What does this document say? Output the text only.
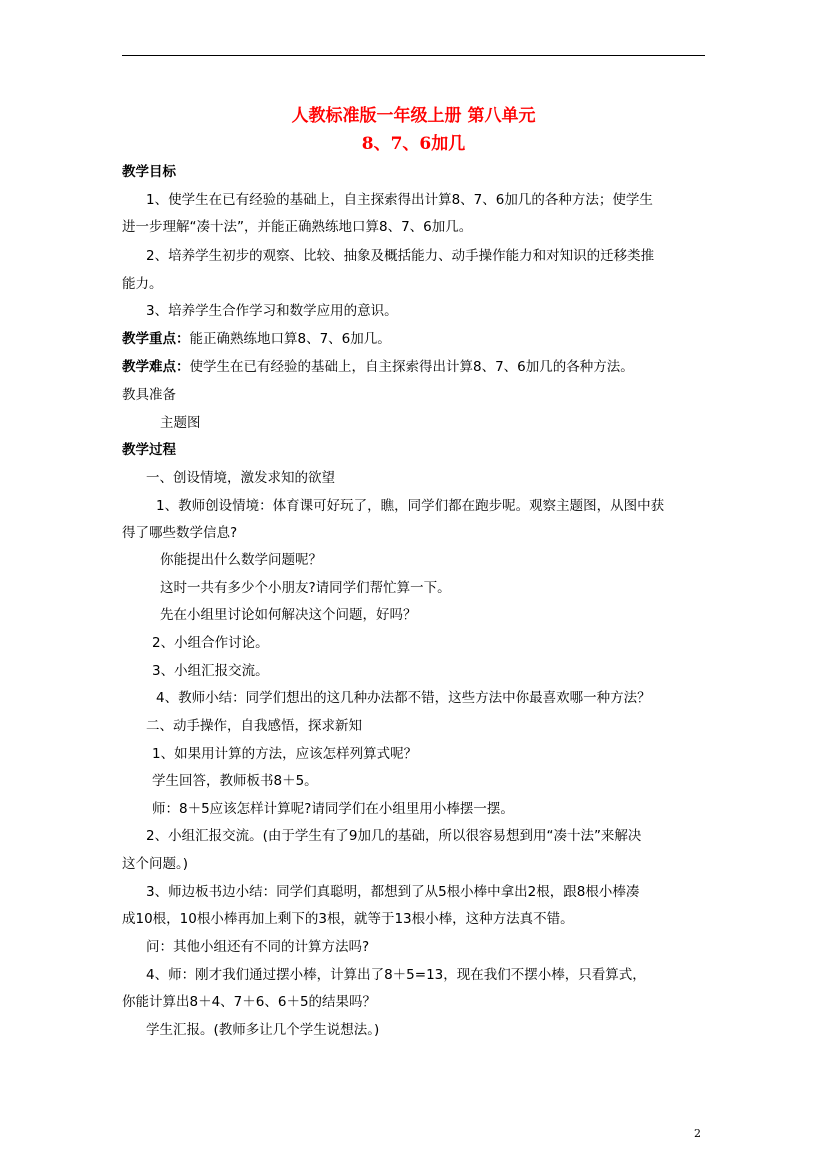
人教标准版一年级上册 第八单元
8、7、6加几
教学目标
1、使学生在已有经验的基础上，自主探索得出计算8、7、6加几的各种方法；使学生
进一步理解“凑十法”，并能正确熟练地口算8、7、6加几。
2、培养学生初步的观察、比较、抽象及概括能力、动手操作能力和对知识的迁移类推
能力。
3、培养学生合作学习和数学应用的意识。
教学重点：能正确熟练地口算8、7、6加几。
教学难点：使学生在已有经验的基础上，自主探索得出计算8、7、6加几的各种方法。
教具准备
主题图
教学过程
一、创设情境，激发求知的欲望
1、教师创设情境：体育课可好玩了，瞧，同学们都在跑步呢。观察主题图，从图中获
得了哪些数学信息?
你能提出什么数学问题呢？
这时一共有多少个小朋友?请同学们帮忙算一下。
先在小组里讨论如何解决这个问题，好吗？
2、小组合作讨论。
3、小组汇报交流。
4、教师小结：同学们想出的这几种办法都不错，这些方法中你最喜欢哪一种方法？
二、动手操作，自我感悟，探求新知
1、如果用计算的方法，应该怎样列算式呢？
学生回答，教师板书8＋5。
师：8＋5应该怎样计算呢?请同学们在小组里用小棒摆一摆。
2、小组汇报交流。(由于学生有了9加几的基础，所以很容易想到用“凑十法”来解决
这个问题。)
3、师边板书边小结：同学们真聪明，都想到了从5根小棒中拿出2根，跟8根小棒凑
成10根，10根小棒再加上剩下的3根，就等于13根小棒，这种方法真不错。
问：其他小组还有不同的计算方法吗?
4、师：刚才我们通过摆小棒，计算出了8＋5=13，现在我们不摆小棒，只看算式，
你能计算出8＋4、7＋6、6＋5的结果吗？
学生汇报。(教师多让几个学生说想法。)
2
